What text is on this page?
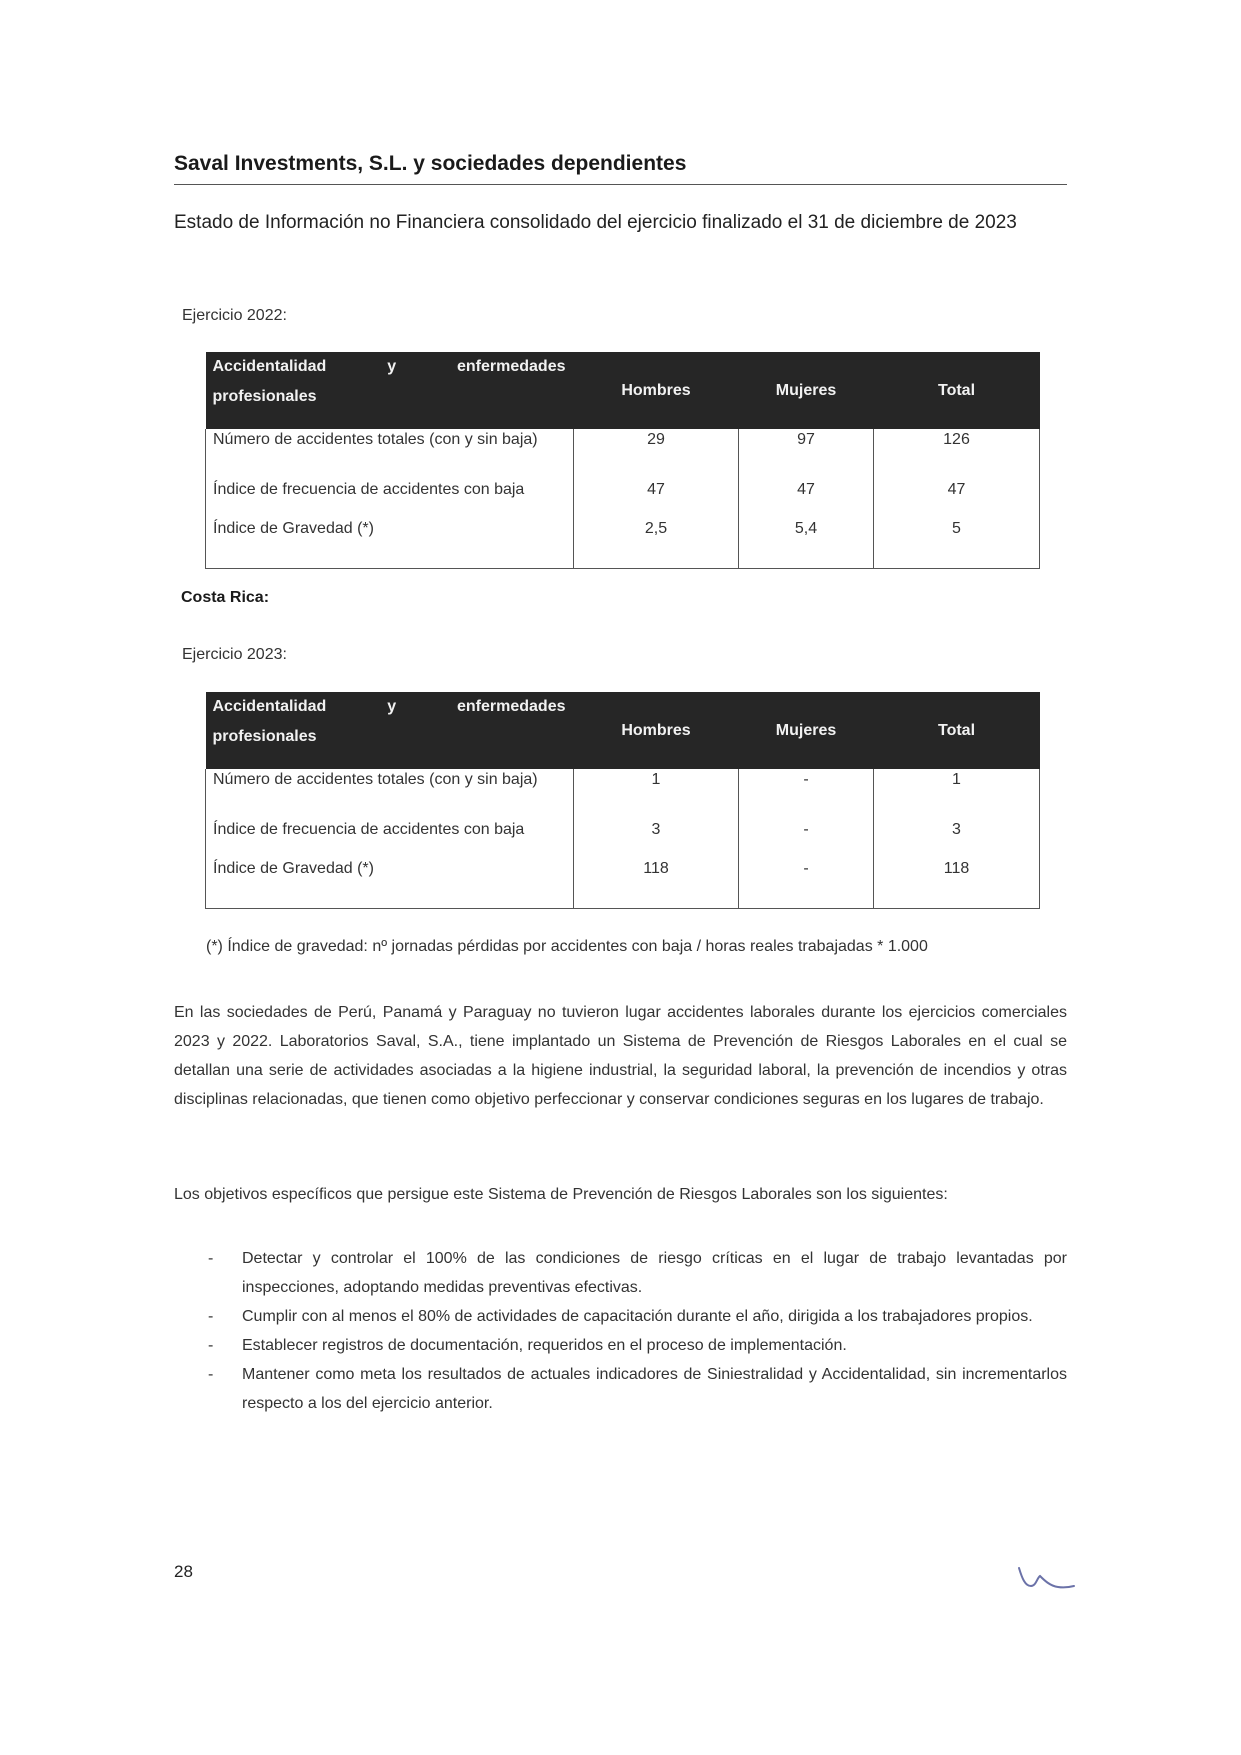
Saval Investments, S.L. y sociedades dependientes
Estado de Información no Financiera consolidado del ejercicio finalizado el 31 de diciembre de 2023
Ejercicio 2022:
Accidentalidad y enfermedades
profesionales	Hombres	Mujeres	Total
Número de accidentes totales (con y sin baja)	29	97	126
Índice de frecuencia de accidentes con baja	47	47	47
Índice de Gravedad (*)	2,5	5,4	5
Costa Rica:
Ejercicio 2023:
Accidentalidad y enfermedades
profesionales	Hombres	Mujeres	Total
Número de accidentes totales (con y sin baja)	1	-	1
Índice de frecuencia de accidentes con baja	3	-	3
Índice de Gravedad (*)	118	-	118
(*) Índice de gravedad: nº jornadas pérdidas por accidentes con baja / horas reales trabajadas * 1.000
En las sociedades de Perú, Panamá y Paraguay no tuvieron lugar accidentes laborales durante los ejercicios comerciales 2023 y 2022. Laboratorios Saval, S.A., tiene implantado un Sistema de Prevención de Riesgos Laborales en el cual se detallan una serie de actividades asociadas a la higiene industrial, la seguridad laboral, la prevención de incendios y otras disciplinas relacionadas, que tienen como objetivo perfeccionar y conservar condiciones seguras en los lugares de trabajo.
Los objetivos específicos que persigue este Sistema de Prevención de Riesgos Laborales son los siguientes:
- Detectar y controlar el 100% de las condiciones de riesgo críticas en el lugar de trabajo levantadas por inspecciones, adoptando medidas preventivas efectivas.
- Cumplir con al menos el 80% de actividades de capacitación durante el año, dirigida a los trabajadores propios.
- Establecer registros de documentación, requeridos en el proceso de implementación.
- Mantener como meta los resultados de actuales indicadores de Siniestralidad y Accidentalidad, sin incrementarlos respecto a los del ejercicio anterior.
28
